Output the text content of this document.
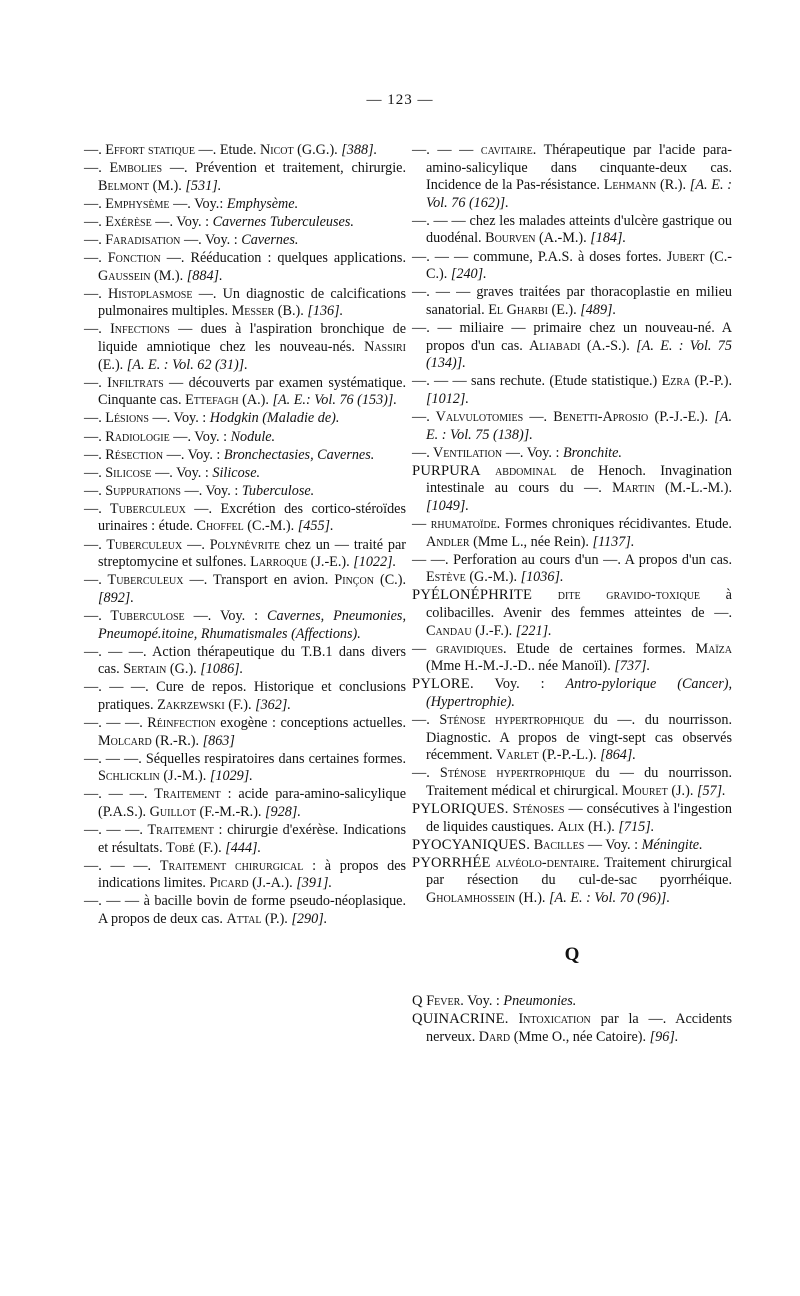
— 123 —
—. Effort statique —. Etude. Nicot (G.G.). [388].
—. Embolies —. Prévention et traitement, chirurgie. Belmont (M.). [531].
—. Emphysème —. Voy.: Emphysème.
—. Exérèse —. Voy. : Cavernes Tuberculeuses.
—. Faradisation —. Voy. : Cavernes.
—. Fonction —. Rééducation : quelques applications. Gaussein (M.). [884].
—. Histoplasmose —. Un diagnostic de calcifications pulmonaires multiples. Messer (B.). [136].
—. Infections — dues à l'aspiration bronchique de liquide amniotique chez les nouveau-nés. Nassiri (E.). [A. E. : Vol. 62 (31)].
—. Infiltrats — découverts par examen systématique. Cinquante cas. Ettefagh (A.). [A. E.: Vol. 76 (153)].
—. Lésions —. Voy. : Hodgkin (Maladie de).
—. Radiologie —. Voy. : Nodule.
—. Résection —. Voy. : Bronchectasies, Cavernes.
—. Silicose —. Voy. : Silicose.
—. Suppurations —. Voy. : Tuberculose.
—. Tuberculeux —. Excrétion des cortico-stéroïdes urinaires : étude. Choffel (C.-M.). [455].
—. Tuberculeux —. Polynévrite chez un — traité par streptomycine et sulfones. Larroque (J.-E.). [1022].
—. Tuberculeux —. Transport en avion. Pinçon (C.). [892].
—. Tuberculose —. Voy. : Cavernes, Pneumonies, Pneumopé.itoine, Rhumatismales (Affections).
—. — —. Action thérapeutique du T.B.1 dans divers cas. Sertain (G.). [1086].
—. — —. Cure de repos. Historique et conclusions pratiques. Zakrzewski (F.). [362].
—. — —. Réinfection exogène : conceptions actuelles. Molcard (R.-R.). [863]
—. — —. Séquelles respiratoires dans certaines formes. Schlicklin (J.-M.). [1029].
—. — —. Traitement : acide para-amino-salicylique (P.A.S.). Guillot (F.-M.-R.). [928].
—. — —. Traitement : chirurgie d'exérèse. Indications et résultats. Tobé (F.). [444].
—. — —. Traitement chirurgical : à propos des indications limites. Picard (J.-A.). [391].
—. — — à bacille bovin de forme pseudo-néoplasique. A propos de deux cas. Attal (P.). [290].
—. — — cavitaire. Thérapeutique par l'acide para-amino-salicylique dans cinquante-deux cas. Incidence de la Pas-résistance. Lehmann (R.). [A. E. : Vol. 76 (162)].
—. — — chez les malades atteints d'ulcère gastrique ou duodénal. Bourven (A.-M.). [184].
—. — — commune, P.A.S. à doses fortes. Jubert (C.-C.). [240].
—. — — graves traitées par thoracoplastie en milieu sanatorial. El Gharbi (E.). [489].
—. — miliaire — primaire chez un nouveau-né. A propos d'un cas. Aliabadi (A.-S.). [A. E. : Vol. 75 (134)].
—. — — sans rechute. (Etude statistique.) Ezra (P.-P.). [1012].
—. Valvulotomies —. Benetti-Aprosio (P.-J.-E.). [A. E. : Vol. 75 (138)].
—. Ventilation —. Voy. : Bronchite.
PURPURA abdominal de Henoch. Invagination intestinale au cours du —. Martin (M.-L.-M.). [1049].
— rhumatoïde. Formes chroniques récidivantes. Etude. Andler (Mme L., née Rein). [1137].
— —. Perforation au cours d'un —. A propos d'un cas. Estève (G.-M.). [1036].
PYÉLONÉPHRITE dite gravido-toxique à colibacilles. Avenir des femmes atteintes de —. Candau (J.-F.). [221].
— gravidiques. Etude de certaines formes. Maïza (Mme H.-M.-J.-D.. née Manoïl). [737].
PYLORE. Voy. : Antro-pylorique (Cancer), (Hypertrophie).
—. Sténose hypertrophique du —. du nourrisson. Diagnostic. A propos de vingt-sept cas observés récemment. Varlet (P.-P.-L.). [864].
—. Sténose hypertrophique du — du nourrisson. Traitement médical et chirurgical. Mouret (J.). [57].
PYLORIQUES. Sténoses — consécutives à l'ingestion de liquides caustiques. Alix (H.). [715].
PYOCYANIQUES. Bacilles — Voy. : Méningite.
PYORRHÉE alvéolo-dentaire. Traitement chirurgical par résection du cul-de-sac pyorrhéique. Gholamhossein (H.). [A. E. : Vol. 70 (96)].
Q
Q Fever. Voy. : Pneumonies.
QUINACRINE. Intoxication par la —. Accidents nerveux. Dard (Mme O., née Catoire). [96].
